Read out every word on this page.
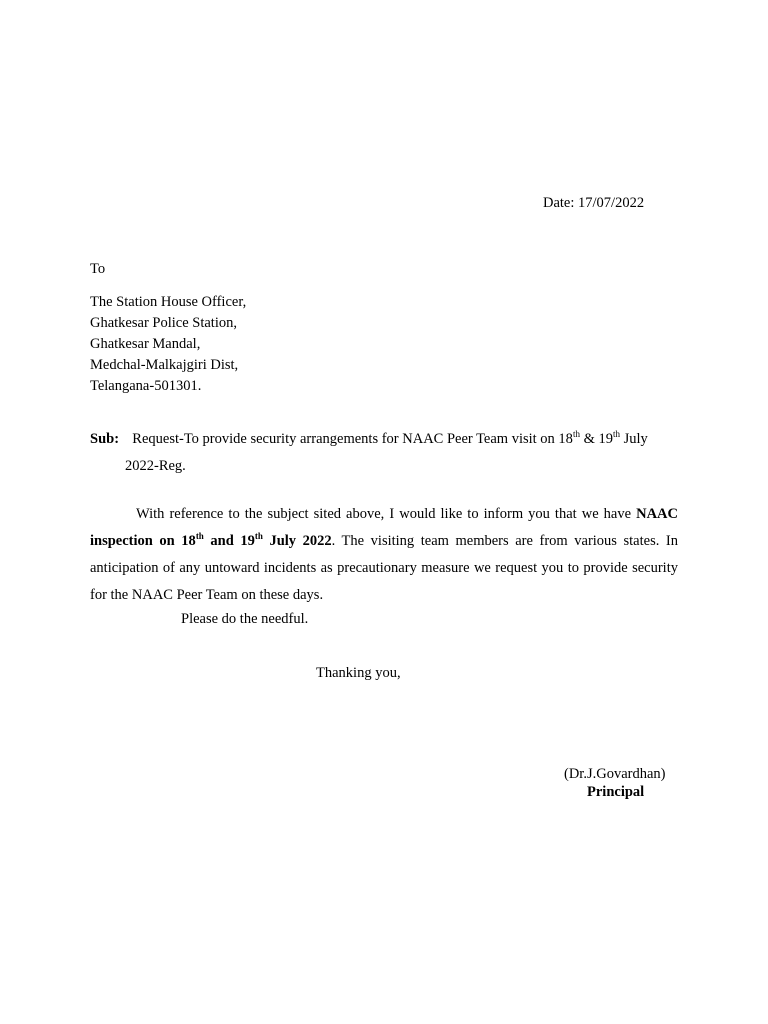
Date: 17/07/2022
To
The Station House Officer,
Ghatkesar Police Station,
Ghatkesar Mandal,
Medchal-Malkajgiri Dist,
Telangana-501301.
Sub: Request-To provide security arrangements for NAAC Peer Team visit on 18th & 19th July
2022-Reg.
With reference to the subject sited above, I would like to inform you that we have NAAC inspection on 18th and 19th July 2022. The visiting team members are from various states. In anticipation of any untoward incidents as precautionary measure we request you to provide security for the NAAC Peer Team on these days.
Please do the needful.
Thanking you,
(Dr.J.Govardhan)
Principal
